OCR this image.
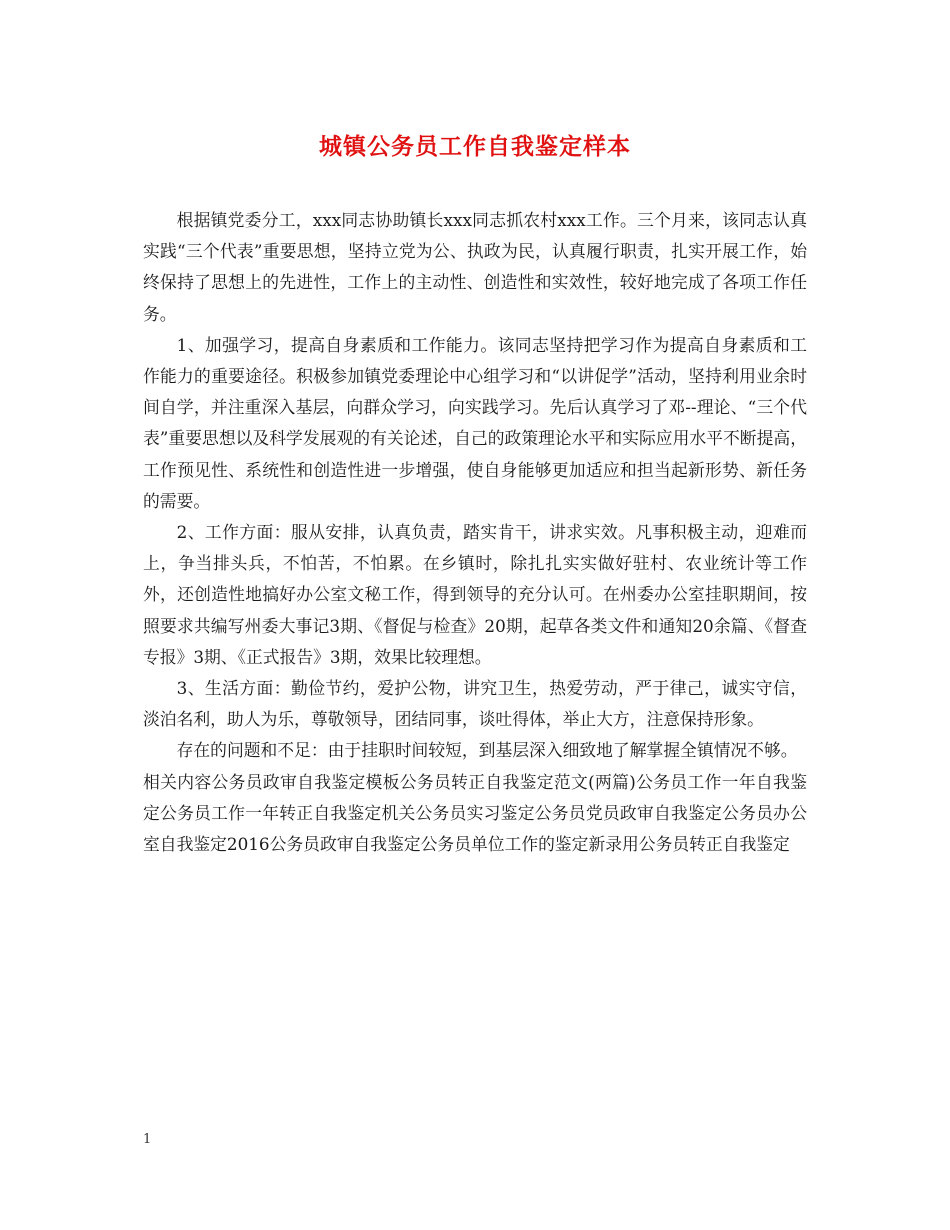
城镇公务员工作自我鉴定样本

根据镇党委分工，xxx同志协助镇长xxx同志抓农村xxx工作。三个月来，该同志认真实践“三个代表”重要思想，坚持立党为公、执政为民，认真履行职责，扎实开展工作，始终保持了思想上的先进性，工作上的主动性、创造性和实效性，较好地完成了各项工作任务。

1、加强学习，提高自身素质和工作能力。该同志坚持把学习作为提高自身素质和工作能力的重要途径。积极参加镇党委理论中心组学习和“以讲促学”活动，坚持利用业余时间自学，并注重深入基层，向群众学习，向实践学习。先后认真学习了邓--理论、“三个代表”重要思想以及科学发展观的有关论述，自己的政策理论水平和实际应用水平不断提高，工作预见性、系统性和创造性进一步增强，使自身能够更加适应和担当起新形势、新任务的需要。

2、工作方面：服从安排，认真负责，踏实肯干，讲求实效。凡事积极主动，迎难而上，争当排头兵，不怕苦，不怕累。在乡镇时，除扎扎实实做好驻村、农业统计等工作外，还创造性地搞好办公室文秘工作，得到领导的充分认可。在州委办公室挂职期间，按照要求共编写州委大事记3期、《督促与检查》20期，起草各类文件和通知20余篇、《督查专报》3期、《正式报告》3期，效果比较理想。

3、生活方面：勤俭节约，爱护公物，讲究卫生，热爱劳动，严于律己，诚实守信，淡泊名利，助人为乐，尊敬领导，团结同事，谈吐得体，举止大方，注意保持形象。

存在的问题和不足：由于挂职时间较短，到基层深入细致地了解掌握全镇情况不够。

相关内容公务员政审自我鉴定模板公务员转正自我鉴定范文(两篇)公务员工作一年自我鉴定公务员工作一年转正自我鉴定机关公务员实习鉴定公务员党员政审自我鉴定公务员办公室自我鉴定2016公务员政审自我鉴定公务员单位工作的鉴定新录用公务员转正自我鉴定

1
